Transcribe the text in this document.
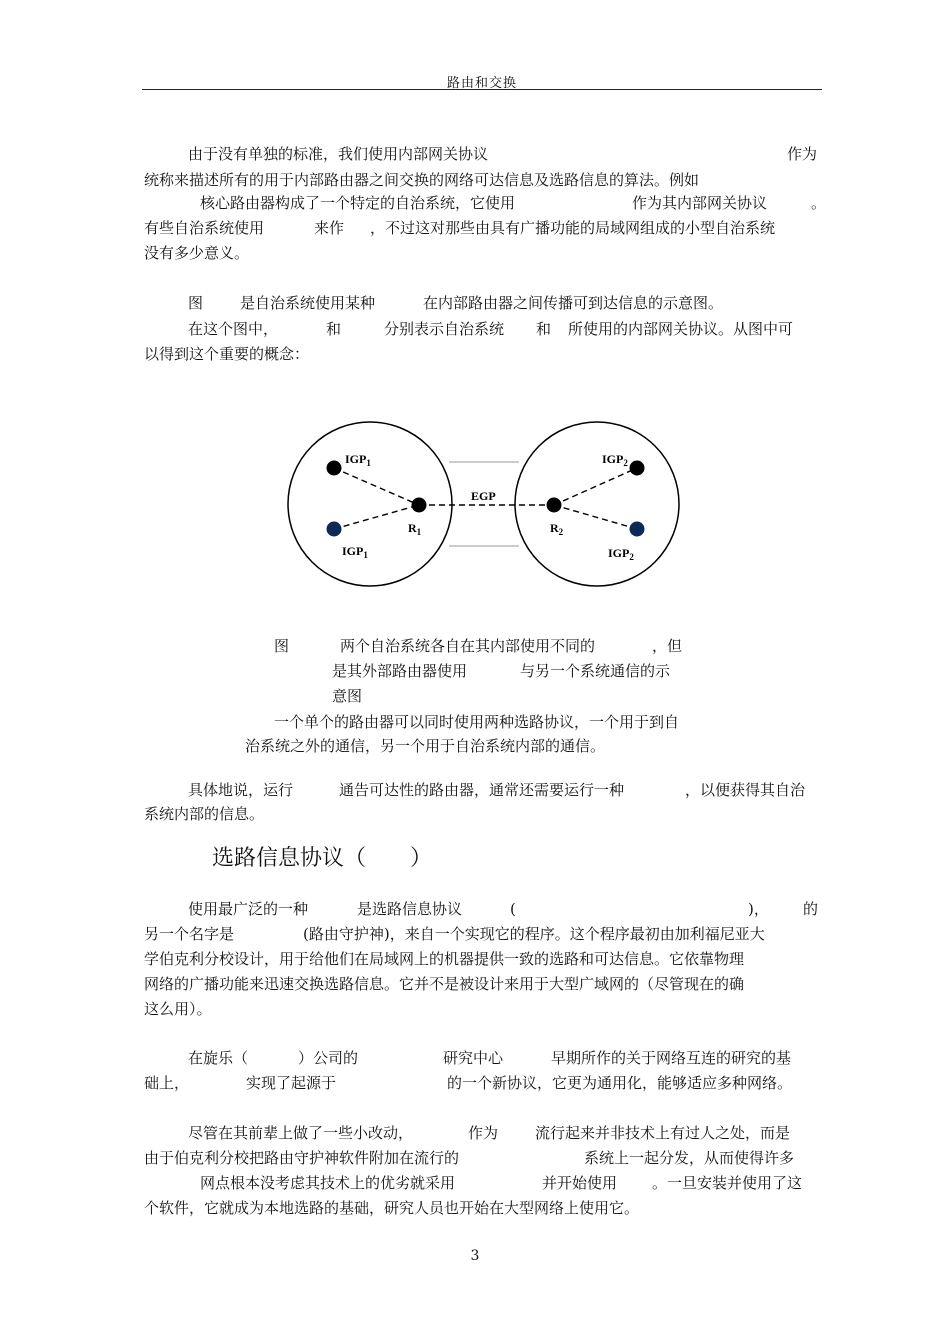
路由和交换
由于没有单独的标准，我们使用内部网关协议	作为
统称来描述所有的用于内部路由器之间交换的网络可达信息及选路信息的算法。例如
核心路由器构成了一个特定的自治系统，它使用	作为其内部网关协议	。
有些自治系统使用	来作 ，不过这对那些由具有广播功能的局域网组成的小型自治系统
没有多少意义。
图 是自治系统使用某种	在内部路由器之间传播可到达信息的示意图。
在这个图中，	和	分别表示自治系统 和 所使用的内部网关协议。从图中可
以得到这个重要的概念：
$IGP_1$
$IGP_1$
EGP
$R_1$	$R_2$
$IGP_2$
$IGP_2$
图	两个自治系统各自在其内部使用不同的	，但
是其外部路由器使用	与另一个系统通信的示
意图
一个单个的路由器可以同时使用两种选路协议，一个用于到自
治系统之外的通信，另一个用于自治系统内部的通信。
具体地说，运行	通告可达性的路由器，通常还需要运行一种	，以便获得其自治
系统内部的信息。
选路信息协议（　　）
使用最广泛的一种	是选路信息协议	(	)， 的
另一个名字是	(路由守护神)，来自一个实现它的程序。这个程序最初由加利福尼亚大
学伯克利分校设计，用于给他们在局域网上的机器提供一致的选路和可达信息。它依靠物理
网络的广播功能来迅速交换选路信息。它并不是被设计来用于大型广域网的（尽管现在的确
这么用）。
在旋乐（	）公司的	研究中心	早期所作的关于网络互连的研究的基
础上，	实现了起源于	的一个新协议，它更为通用化，能够适应多种网络。
尽管在其前辈上做了一些小改动，	作为 流行起来并非技术上有过人之处，而是
由于伯克利分校把路由守护神软件附加在流行的	系统上一起分发，从而使得许多
网点根本没考虑其技术上的优劣就采用	并开始使用 。一旦安装并使用了这
个软件，它就成为本地选路的基础，研究人员也开始在大型网络上使用它。
3
